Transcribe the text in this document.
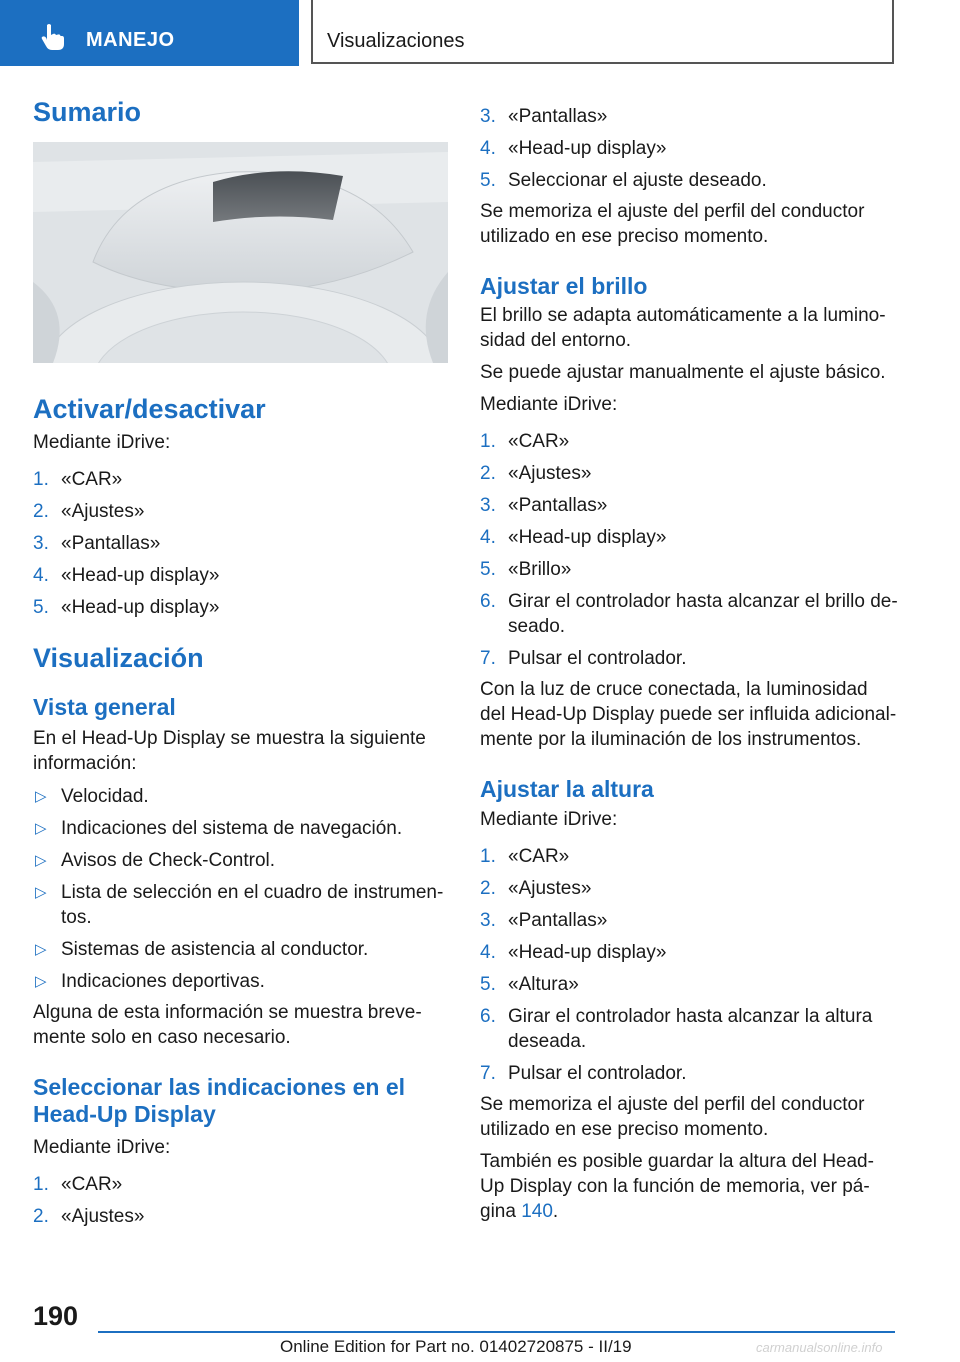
MANEJO	Visualizaciones
Sumario
Activar/desactivar

Mediante iDrive:

1. «CAR»
2. «Ajustes»
3. «Pantallas»
4. «Head-up display»
5. «Head-up display»
Visualización
Vista general

En el Head-Up Display se muestra la siguiente información:

▷ Velocidad.
▷ Indicaciones del sistema de navegación.
▷ Avisos de Check-Control.
▷ Lista de selección en el cuadro de instrumentos.
▷ Sistemas de asistencia al conductor.
▷ Indicaciones deportivas.

Alguna de esta información se muestra brevemente solo en caso necesario.

Seleccionar las indicaciones en el Head-Up Display

Mediante iDrive:

1. «CAR»
2. «Ajustes»
3. «Pantallas»
4. «Head-up display»
5. Seleccionar el ajuste deseado.

Se memoriza el ajuste del perfil del conductor utilizado en ese preciso momento.

Ajustar el brillo

El brillo se adapta automáticamente a la luminosidad del entorno.

Se puede ajustar manualmente el ajuste básico.

Mediante iDrive:

1. «CAR»
2. «Ajustes»
3. «Pantallas»
4. «Head-up display»
5. «Brillo»
6. Girar el controlador hasta alcanzar el brillo deseado.
7. Pulsar el controlador.

Con la luz de cruce conectada, la luminosidad del Head-Up Display puede ser influida adicionalmente por la iluminación de los instrumentos.

Ajustar la altura

Mediante iDrive:

1. «CAR»
2. «Ajustes»
3. «Pantallas»
4. «Head-up display»
5. «Altura»
6. Girar el controlador hasta alcanzar la altura deseada.
7. Pulsar el controlador.

Se memoriza el ajuste del perfil del conductor utilizado en ese preciso momento.

También es posible guardar la altura del Head-Up Display con la función de memoria, ver página 140.

190
Online Edition for Part no. 01402720875 - II/19	carmanualsonline.info
